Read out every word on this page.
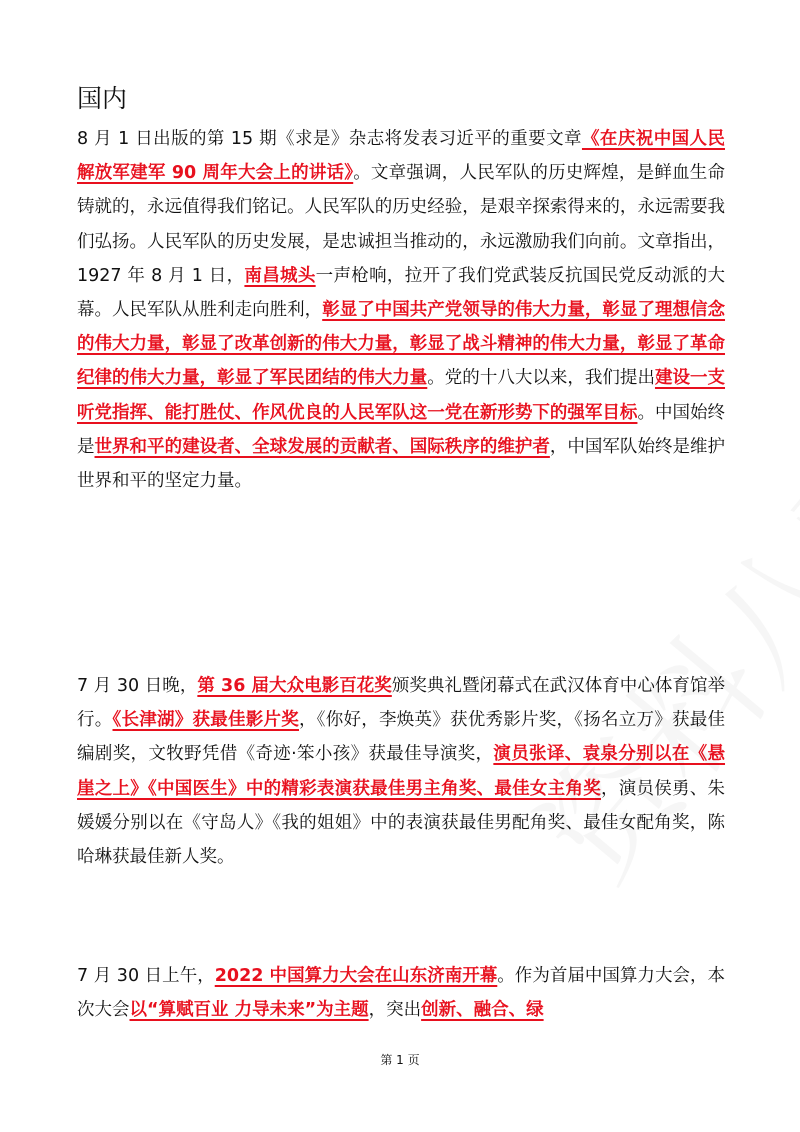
国内

8 月 1 日出版的第 15 期《求是》杂志将发表习近平的重要文章《在庆祝中国人民解放军建军 90 周年大会上的讲话》。文章强调，人民军队的历史辉煌，是鲜血生命铸就的，永远值得我们铭记。人民军队的历史经验，是艰辛探索得来的，永远需要我们弘扬。人民军队的历史发展，是忠诚担当推动的，永远激励我们向前。文章指出，1927 年 8 月 1 日，南昌城头一声枪响，拉开了我们党武装反抗国民党反动派的大幕。人民军队从胜利走向胜利，彰显了中国共产党领导的伟大力量，彰显了理想信念的伟大力量，彰显了改革创新的伟大力量，彰显了战斗精神的伟大力量，彰显了革命纪律的伟大力量，彰显了军民团结的伟大力量。党的十八大以来，我们提出建设一支听党指挥、能打胜仗、作风优良的人民军队这一党在新形势下的强军目标。中国始终是世界和平的建设者、全球发展的贡献者、国际秩序的维护者，中国军队始终是维护世界和平的坚定力量。

7 月 30 日晚，第 36 届大众电影百花奖颁奖典礼暨闭幕式在武汉体育中心体育馆举行。《长津湖》获最佳影片奖，《你好，李焕英》获优秀影片奖，《扬名立万》获最佳编剧奖，文牧野凭借《奇迹·笨小孩》获最佳导演奖，演员张译、袁泉分别以在《悬崖之上》《中国医生》中的精彩表演获最佳男主角奖、最佳女主角奖，演员侯勇、朱媛媛分别以在《守岛人》《我的姐姐》中的表演获最佳男配角奖、最佳女配角奖，陈哈琳获最佳新人奖。

7 月 30 日上午，2022 中国算力大会在山东济南开幕。作为首届中国算力大会，本次大会以“算赋百业 力导未来”为主题，突出创新、融合、绿

第 1 页
